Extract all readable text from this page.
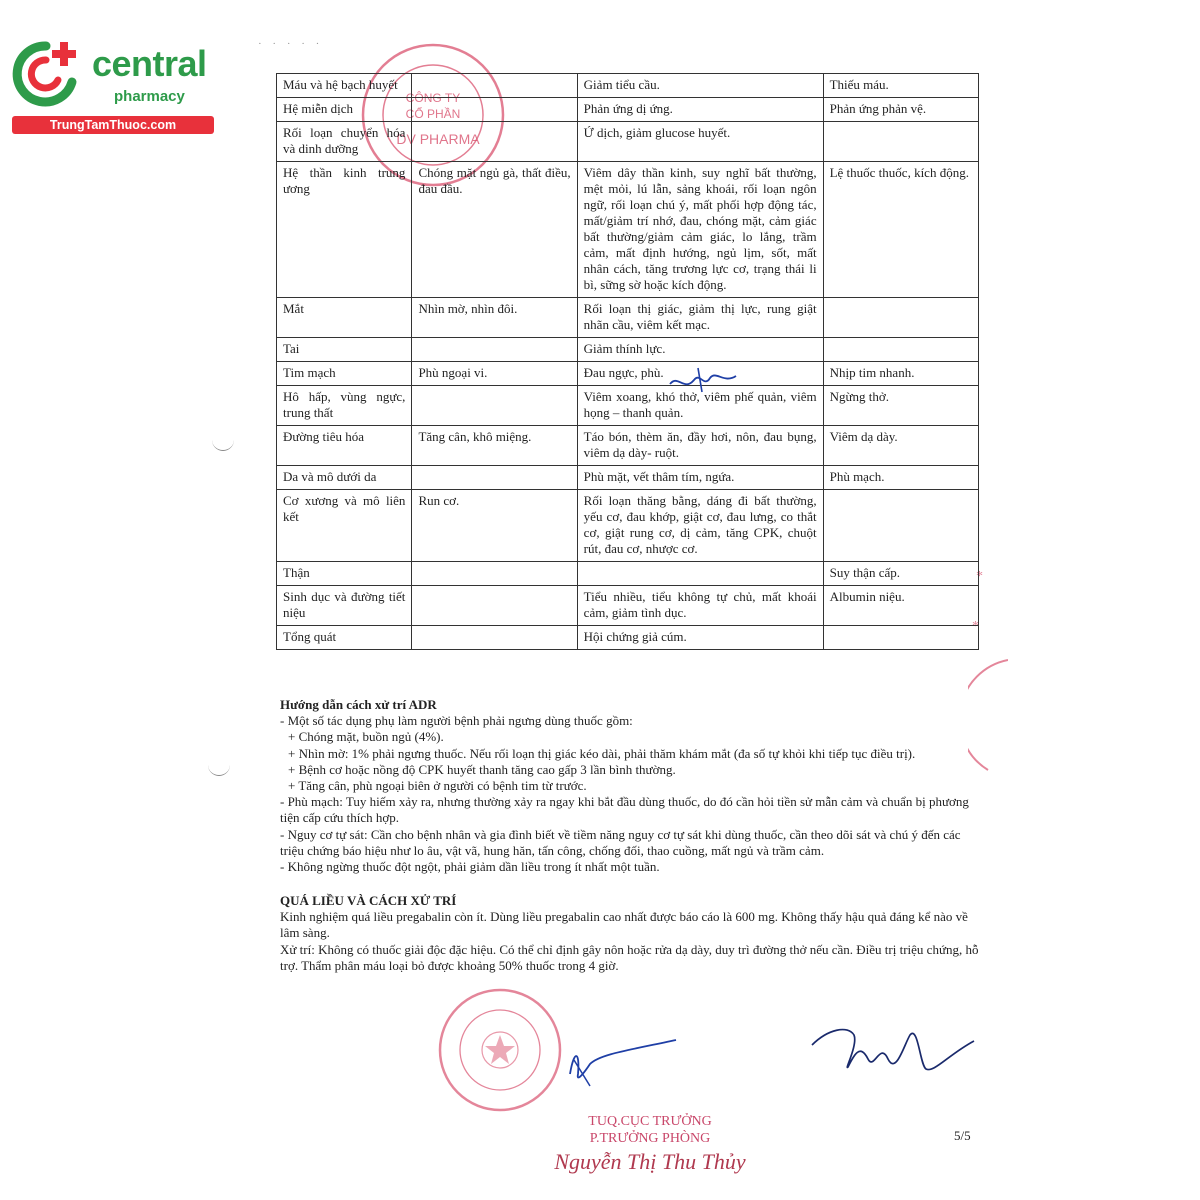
· · · · ·
central
pharmacy
TrungTamThuoc.com
CÔNG TY
CỔ PHẦN
DV PHARMA
*
*
Máu và hệ bạch huyết		Giảm tiểu cầu.	Thiếu máu.
Hệ miễn dịch		Phản ứng dị ứng.	Phản ứng phản vệ.
Rối loạn chuyển hóa và dinh dưỡng		Ứ dịch, giảm glucose huyết.	
Hệ thần kinh trung ương	Chóng mặt ngủ gà, thất điều, đau đầu.	Viêm dây thần kinh, suy nghĩ bất thường, mệt mỏi, lú lẫn, sảng khoái, rối loạn ngôn ngữ, rối loạn chú ý, mất phối hợp động tác, mất/giảm trí nhớ, đau, chóng mặt, cảm giác bất thường/giảm cảm giác, lo lắng, trầm cảm, mất định hướng, ngủ lịm, sốt, mất nhân cách, tăng trương lực cơ, trạng thái li bì, sững sờ hoặc kích động.	Lệ thuốc thuốc, kích động.
Mắt	Nhìn mờ, nhìn đôi.	Rối loạn thị giác, giảm thị lực, rung giật nhãn cầu, viêm kết mạc.	
Tai		Giảm thính lực.	
Tim mạch	Phù ngoại vi.	Đau ngực, phù.	Nhịp tim nhanh.
Hô hấp, vùng ngực, trung thất		Viêm xoang, khó thở, viêm phế quản, viêm họng – thanh quản.	Ngừng thở.
Đường tiêu hóa	Tăng cân, khô miệng.	Táo bón, thèm ăn, đầy hơi, nôn, đau bụng, viêm dạ dày- ruột.	Viêm dạ dày.
Da và mô dưới da		Phù mặt, vết thâm tím, ngứa.	Phù mạch.
Cơ xương và mô liên kết	Run cơ.	Rối loạn thăng bằng, dáng đi bất thường, yếu cơ, đau khớp, giật cơ, đau lưng, co thắt cơ, giật rung cơ, dị cảm, tăng CPK, chuột rút, đau cơ, nhược cơ.	
Thận			Suy thận cấp.
Sinh dục và đường tiết niệu		Tiểu nhiều, tiểu không tự chủ, mất khoái cảm, giảm tình dục.	Albumin niệu.
Tổng quát		Hội chứng giả cúm.	
Hướng dẫn cách xử trí ADR
- Một số tác dụng phụ làm người bệnh phải ngưng dùng thuốc gồm:
+ Chóng mặt, buồn ngủ (4%).
+ Nhìn mờ: 1% phải ngưng thuốc. Nếu rối loạn thị giác kéo dài, phải thăm khám mắt (đa số tự khỏi khi tiếp tục điều trị).
+ Bệnh cơ hoặc nồng độ CPK huyết thanh tăng cao gấp 3 lần bình thường.
+ Tăng cân, phù ngoại biên ở người có bệnh tim từ trước.
- Phù mạch: Tuy hiếm xảy ra, nhưng thường xảy ra ngay khi bắt đầu dùng thuốc, do đó cần hỏi tiền sử mẫn cảm và chuẩn bị phương tiện cấp cứu thích hợp.
- Nguy cơ tự sát: Cần cho bệnh nhân và gia đình biết về tiềm năng nguy cơ tự sát khi dùng thuốc, cần theo dõi sát và chú ý đến các triệu chứng báo hiệu như lo âu, vật vã, hung hăn, tấn công, chống đối, thao cuồng, mất ngủ và trầm cảm.
- Không ngừng thuốc đột ngột, phải giảm dần liều trong ít nhất một tuần.
QUÁ LIỀU VÀ CÁCH XỬ TRÍ
Kinh nghiệm quá liều pregabalin còn ít. Dùng liều pregabalin cao nhất được báo cáo là 600 mg. Không thấy hậu quả đáng kể nào về lâm sàng.
Xử trí: Không có thuốc giải độc đặc hiệu. Có thể chỉ định gây nôn hoặc rửa dạ dày, duy trì đường thở nếu cần. Điều trị triệu chứng, hỗ trợ. Thẩm phân máu loại bỏ được khoảng 50% thuốc trong 4 giờ.
TUQ.CỤC TRƯỞNG
P.TRƯỞNG PHÒNG
Nguyễn Thị Thu Thủy
5/5
